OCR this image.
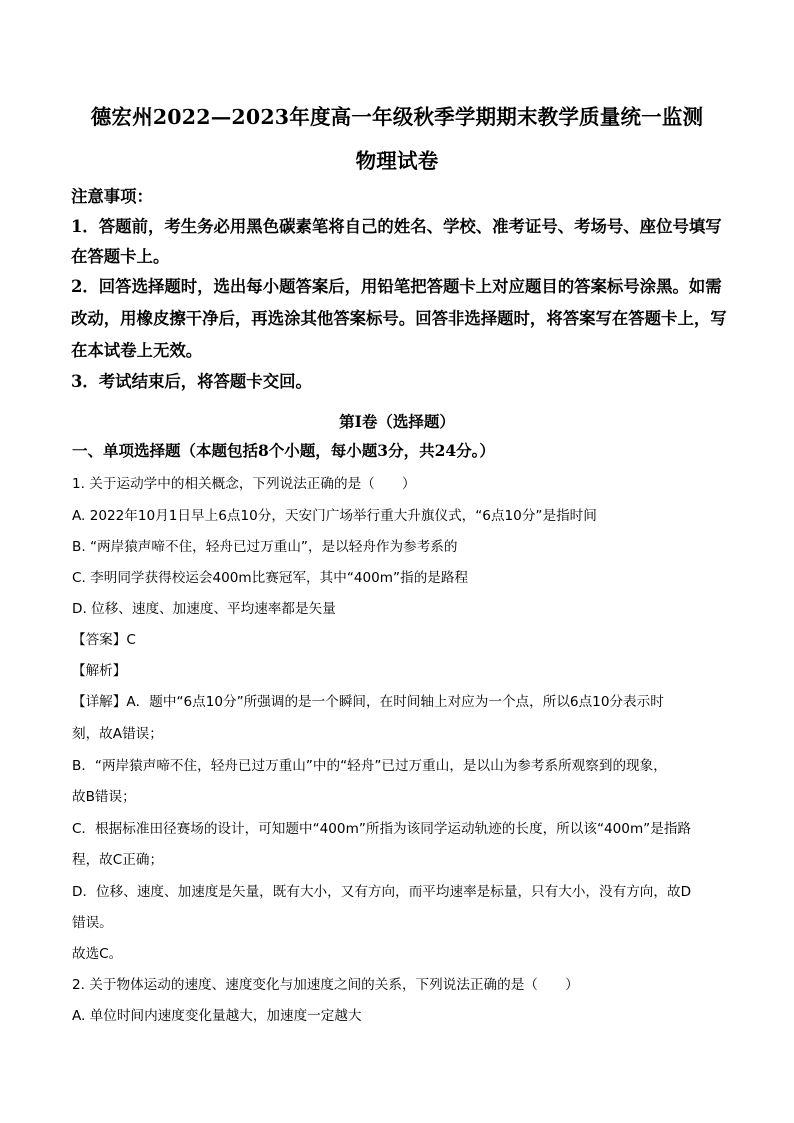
德宏州2022—2023年度高一年级秋季学期期末教学质量统一监测
物理试卷
注意事项：
1．答题前，考生务必用黑色碳素笔将自己的姓名、学校、准考证号、考场号、座位号填写
在答题卡上。
2．回答选择题时，选出每小题答案后，用铅笔把答题卡上对应题目的答案标号涂黑。如需
改动，用橡皮擦干净后，再选涂其他答案标号。回答非选择题时，将答案写在答题卡上，写
在本试卷上无效。
3．考试结束后，将答题卡交回。
第Ⅰ卷（选择题）
一、单项选择题（本题包括8个小题，每小题3分，共24分。）
1. 关于运动学中的相关概念，下列说法正确的是（　　）
A. 2022年10月1日早上6点10分，天安门广场举行重大升旗仪式，“6点10分”是指时间
B. “两岸猿声啼不住，轻舟已过万重山”，是以轻舟作为参考系的
C. 李明同学获得校运会400m比赛冠军，其中“400m”指的是路程
D. 位移、速度、加速度、平均速率都是矢量
【答案】C
【解析】
【详解】A．题中“6点10分”所强调的是一个瞬间，在时间轴上对应为一个点，所以6点10分表示时
刻，故A错误；
B．“两岸猿声啼不住，轻舟已过万重山”中的“轻舟”已过万重山，是以山为参考系所观察到的现象，
故B错误；
C．根据标准田径赛场的设计，可知题中“400m”所指为该同学运动轨迹的长度，所以该“400m”是指路
程，故C正确；
D．位移、速度、加速度是矢量，既有大小，又有方向，而平均速率是标量，只有大小，没有方向，故D
错误。
故选C。
2. 关于物体运动的速度、速度变化与加速度之间的关系，下列说法正确的是（　　）
A. 单位时间内速度变化量越大，加速度一定越大
